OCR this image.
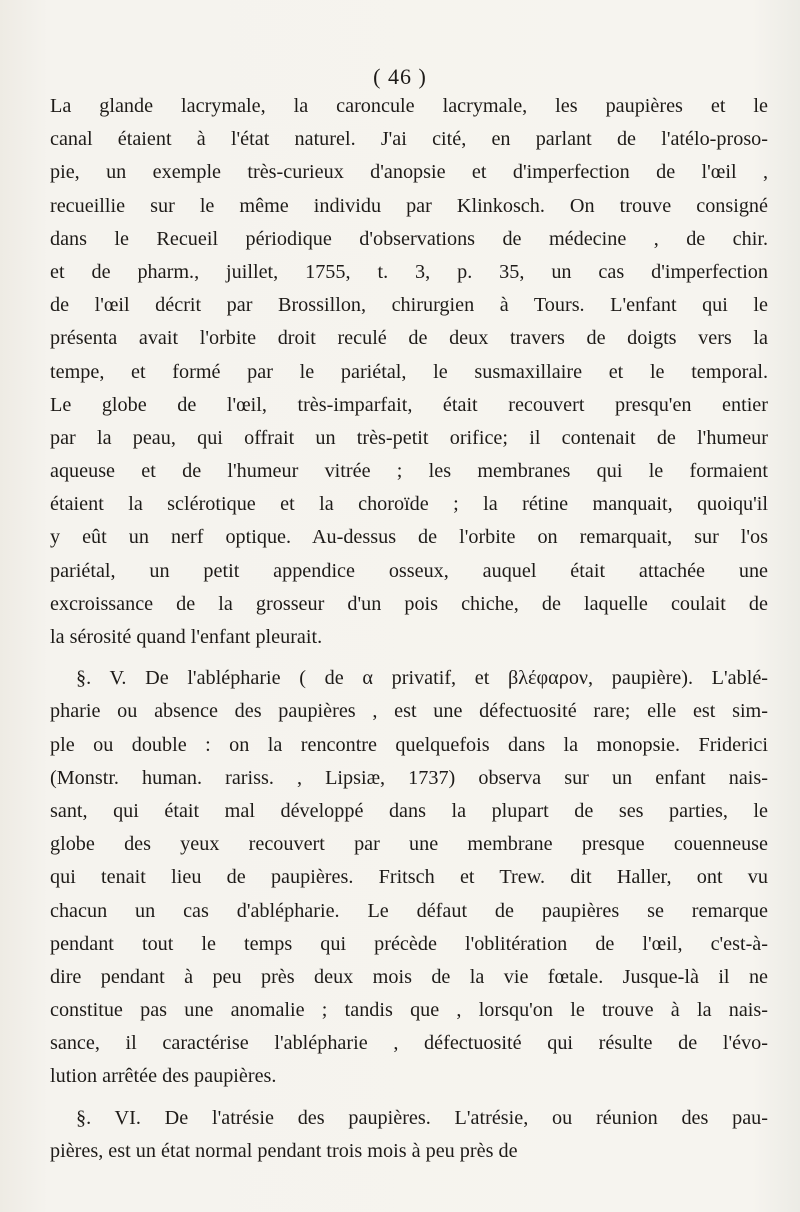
( 46 )
La glande lacrymale, la caroncule lacrymale, les paupières et le
canal étaient à l'état naturel. J'ai cité, en parlant de l'atélo-proso-
pie, un exemple très-curieux d'anopsie et d'imperfection de l'œil ,
recueillie sur le même individu par Klinkosch. On trouve consigné
dans le Recueil périodique d'observations de médecine , de chir.
et de pharm., juillet, 1755, t. 3, p. 35, un cas d'imperfection
de l'œil décrit par Brossillon, chirurgien à Tours. L'enfant qui le
présenta avait l'orbite droit reculé de deux travers de doigts vers la
tempe, et formé par le pariétal, le susmaxillaire et le temporal.
Le globe de l'œil, très-imparfait, était recouvert presqu'en entier
par la peau, qui offrait un très-petit orifice; il contenait de l'humeur
aqueuse et de l'humeur vitrée ; les membranes qui le formaient
étaient la sclérotique et la choroïde ; la rétine manquait, quoiqu'il
y eût un nerf optique. Au-dessus de l'orbite on remarquait, sur l'os
pariétal, un petit appendice osseux, auquel était attachée une
excroissance de la grosseur d'un pois chiche, de laquelle coulait de
la sérosité quand l'enfant pleurait.
§. V. De l'ablépharie ( de α privatif, et βλέφαρον, paupière). L'ablé-
pharie ou absence des paupières , est une défectuosité rare; elle est sim-
ple ou double : on la rencontre quelquefois dans la monopsie. Friderici
(Monstr. human. rariss. , Lipsiæ, 1737) observa sur un enfant nais-
sant, qui était mal développé dans la plupart de ses parties, le
globe des yeux recouvert par une membrane presque couenneuse
qui tenait lieu de paupières. Fritsch et Trew. dit Haller, ont vu
chacun un cas d'ablépharie. Le défaut de paupières se remarque
pendant tout le temps qui précède l'oblitération de l'œil, c'est-à-
dire pendant à peu près deux mois de la vie fœtale. Jusque-là il ne
constitue pas une anomalie ; tandis que , lorsqu'on le trouve à la nais-
sance, il caractérise l'ablépharie , défectuosité qui résulte de l'évo-
lution arrêtée des paupières.
§. VI. De l'atrésie des paupières. L'atrésie, ou réunion des pau-
pières, est un état normal pendant trois mois à peu près de
